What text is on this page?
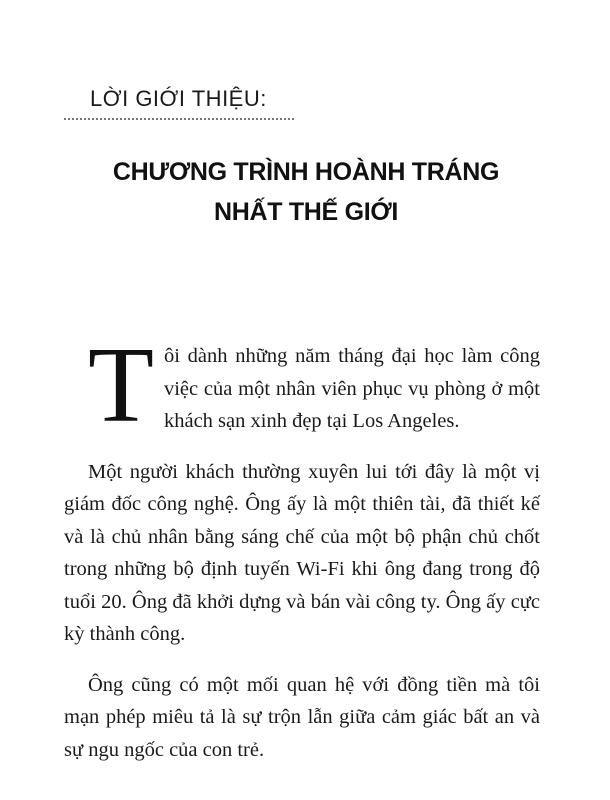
LỜI GIỚI THIỆU:
CHƯƠNG TRÌNH HOÀNH TRÁNG
NHẤT THẾ GIỚI

Tôi dành những năm tháng đại học làm công việc của một nhân viên phục vụ phòng ở một khách sạn xinh đẹp tại Los Angeles.

Một người khách thường xuyên lui tới đây là một vị giám đốc công nghệ. Ông ấy là một thiên tài, đã thiết kế và là chủ nhân bằng sáng chế của một bộ phận chủ chốt trong những bộ định tuyến Wi-Fi khi ông đang trong độ tuổi 20. Ông đã khởi dựng và bán vài công ty. Ông ấy cực kỳ thành công.

Ông cũng có một mối quan hệ với đồng tiền mà tôi mạn phép miêu tả là sự trộn lẫn giữa cảm giác bất an và sự ngu ngốc của con trẻ.
